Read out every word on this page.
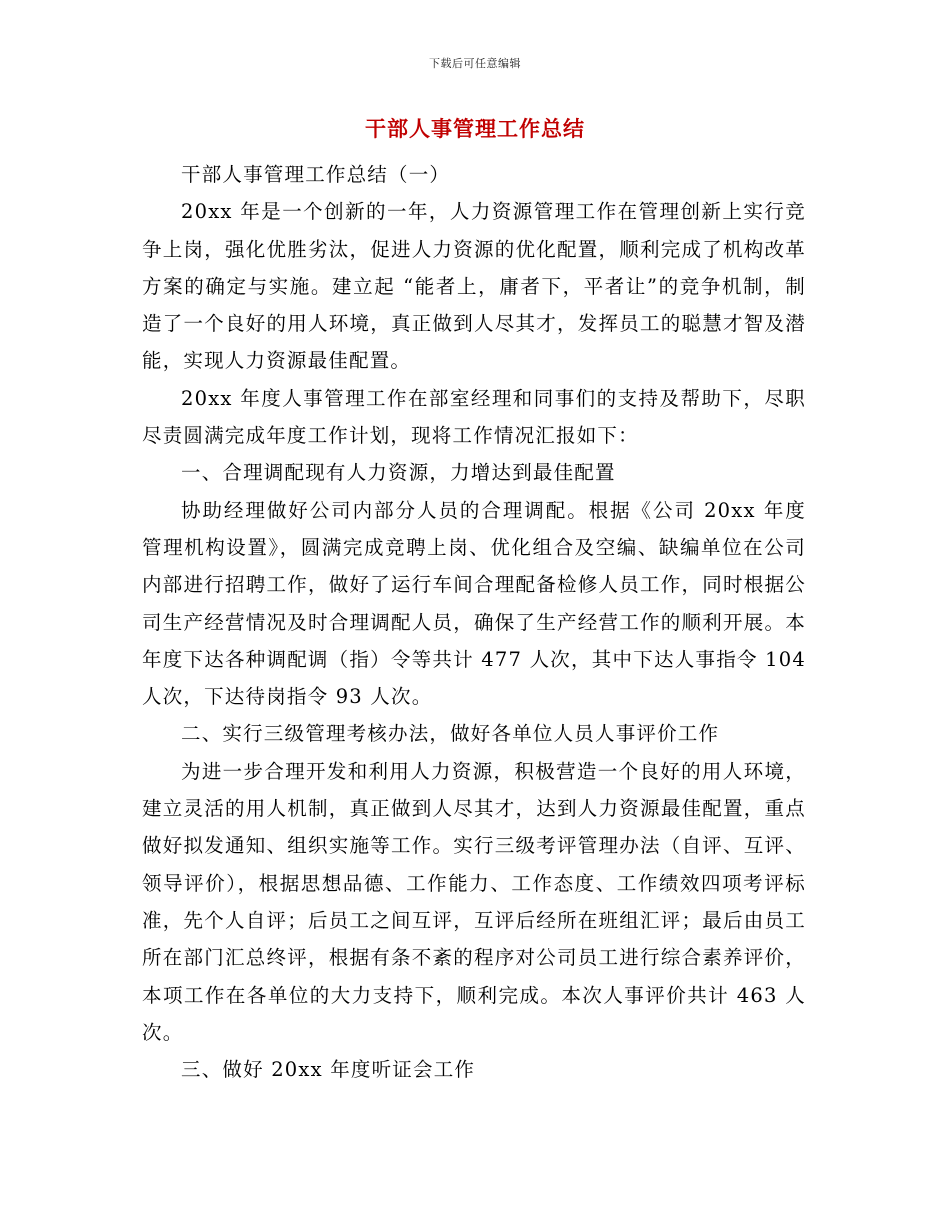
下载后可任意编辑
干部人事管理工作总结

干部人事管理工作总结（一）

20xx 年是一个创新的一年，人力资源管理工作在管理创新上实行竞争上岗，强化优胜劣汰，促进人力资源的优化配置，顺利完成了机构改革方案的确定与实施。建立起 “能者上，庸者下，平者让”的竞争机制，制造了一个良好的用人环境，真正做到人尽其才，发挥员工的聪慧才智及潜能，实现人力资源最佳配置。

20xx 年度人事管理工作在部室经理和同事们的支持及帮助下，尽职尽责圆满完成年度工作计划，现将工作情况汇报如下：

一、合理调配现有人力资源，力增达到最佳配置

协助经理做好公司内部分人员的合理调配。根据《公司 20xx 年度管理机构设置》，圆满完成竞聘上岗、优化组合及空编、缺编单位在公司内部进行招聘工作，做好了运行车间合理配备检修人员工作，同时根据公司生产经营情况及时合理调配人员，确保了生产经营工作的顺利开展。本年度下达各种调配调（指）令等共计 477 人次，其中下达人事指令 104 人次，下达待岗指令 93 人次。

二、实行三级管理考核办法，做好各单位人员人事评价工作

为进一步合理开发和利用人力资源，积极营造一个良好的用人环境，建立灵活的用人机制，真正做到人尽其才，达到人力资源最佳配置，重点做好拟发通知、组织实施等工作。实行三级考评管理办法（自评、互评、领导评价），根据思想品德、工作能力、工作态度、工作绩效四项考评标准，先个人自评；后员工之间互评，互评后经所在班组汇评；最后由员工所在部门汇总终评，根据有条不紊的程序对公司员工进行综合素养评价，本项工作在各单位的大力支持下，顺利完成。本次人事评价共计 463 人次。

三、做好 20xx 年度听证会工作
